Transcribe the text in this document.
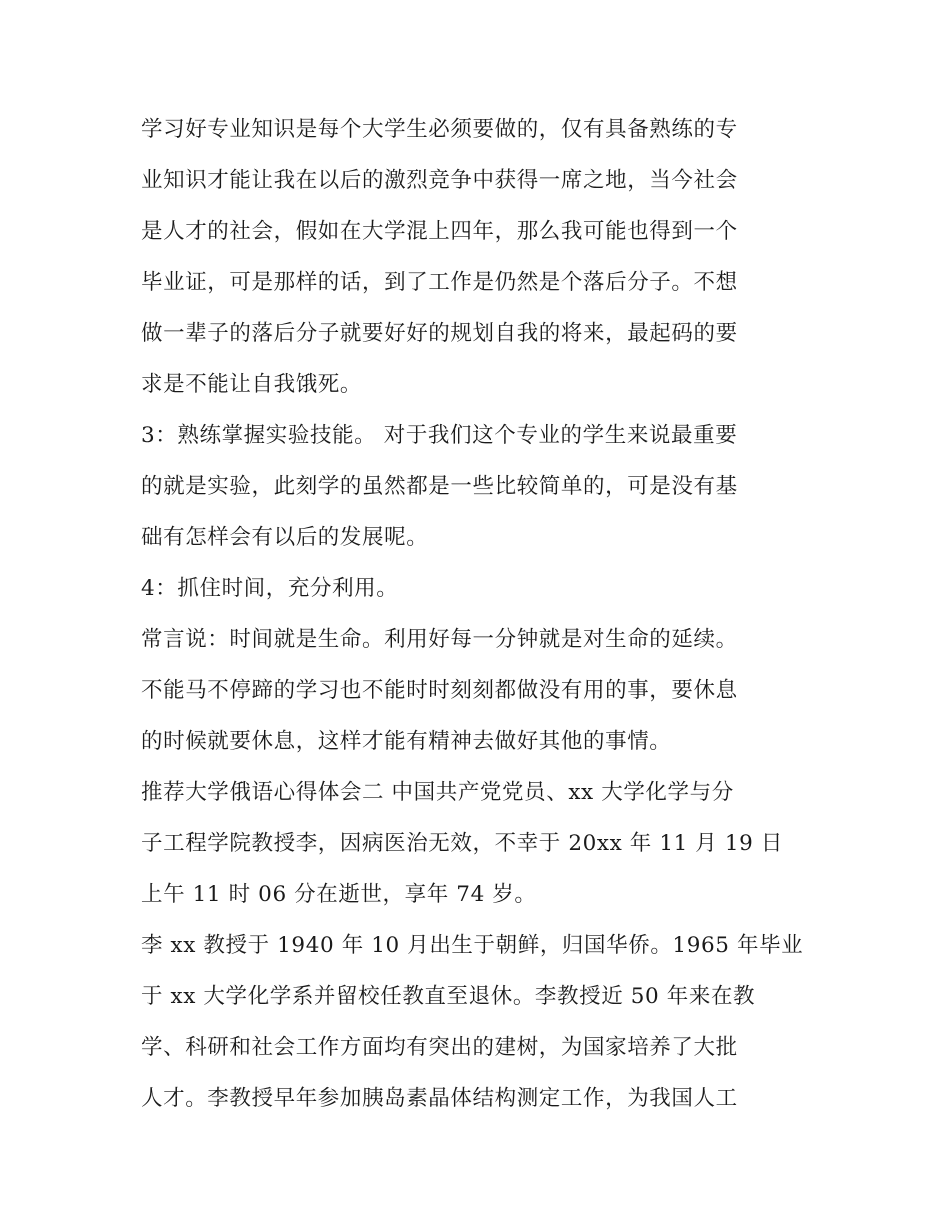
学习好专业知识是每个大学生必须要做的，仅有具备熟练的专
业知识才能让我在以后的激烈竞争中获得一席之地，当今社会
是人才的社会，假如在大学混上四年，那么我可能也得到一个
毕业证，可是那样的话，到了工作是仍然是个落后分子。不想
做一辈子的落后分子就要好好的规划自我的将来，最起码的要
求是不能让自我饿死。
3：熟练掌握实验技能。 对于我们这个专业的学生来说最重要
的就是实验，此刻学的虽然都是一些比较简单的，可是没有基
础有怎样会有以后的发展呢。
4：抓住时间，充分利用。
常言说：时间就是生命。利用好每一分钟就是对生命的延续。
不能马不停蹄的学习也不能时时刻刻都做没有用的事，要休息
的时候就要休息，这样才能有精神去做好其他的事情。
推荐大学俄语心得体会二 中国共产党党员、xx 大学化学与分
子工程学院教授李，因病医治无效，不幸于 20xx 年 11 月 19 日
上午 11 时 06 分在逝世，享年 74 岁。
李 xx 教授于 1940 年 10 月出生于朝鲜，归国华侨。1965 年毕业
于 xx 大学化学系并留校任教直至退休。李教授近 50 年来在教
学、科研和社会工作方面均有突出的建树，为国家培养了大批
人才。李教授早年参加胰岛素晶体结构测定工作，为我国人工
